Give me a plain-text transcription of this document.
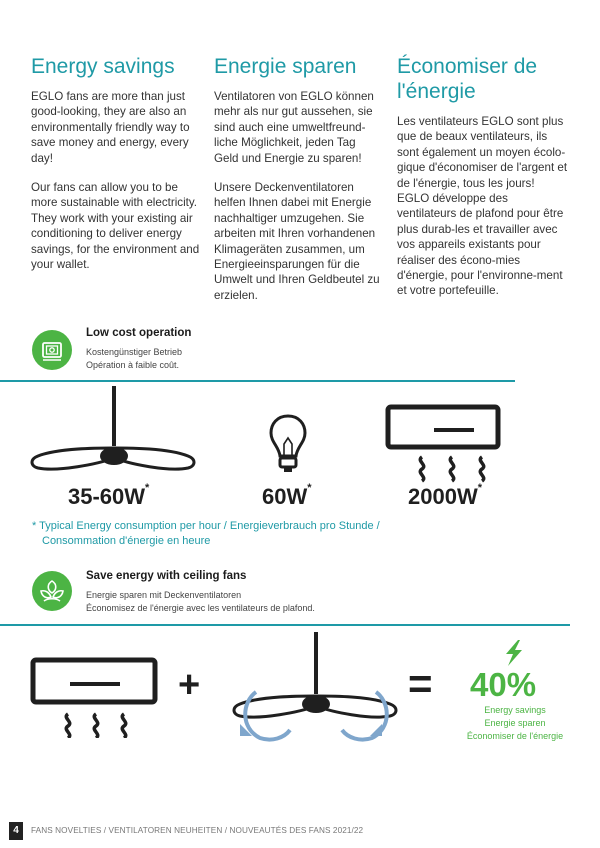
Energy savings

EGLO fans are more than just good-looking, they are also an environmentally friendly way to save money and energy, every day!

Our fans can allow you to be more sustainable with electricity. They work with your existing air conditioning to deliver energy savings, for the environment and your wallet.

Energie sparen

Ventilatoren von EGLO können mehr als nur gut aussehen, sie sind auch eine umweltfreund-liche Möglichkeit, jeden Tag Geld und Energie zu sparen!

Unsere Deckenventilatoren helfen Ihnen dabei mit Energie nachhaltiger umzugehen. Sie arbeiten mit Ihren vorhandenen Klimageräten zusammen, um Energieeinsparungen für die Umwelt und Ihren Geldbeutel zu erzielen.

Économiser de l'énergie

Les ventilateurs EGLO sont plus que de beaux ventilateurs, ils sont également un moyen écolo-gique d'économiser de l'argent et de l'énergie, tous les jours! EGLO développe des ventilateurs de plafond pour être plus durab-les et travailler avec vos appareils existants pour réaliser des écono-mies d'énergie, pour l'environne-ment et votre portefeuille.

Low cost operation
Kostengünstiger Betrieb
Opération à faible coût.
35-60W*	60W*	2000W*
* Typical Energy consumption per hour / Energieverbrauch pro Stunde /
Consommation d'énergie en heure
Save energy with ceiling fans
Energie sparen mit Deckenventilatoren
Économisez de l'énergie avec les ventilateurs de plafond.
+	= 40%
Energy savings
Energie sparen
Économiser de l'énergie
4	FANS NOVELTIES / VENTILATOREN NEUHEITEN / NOUVEAUTÉS DES FANS 2021/22
